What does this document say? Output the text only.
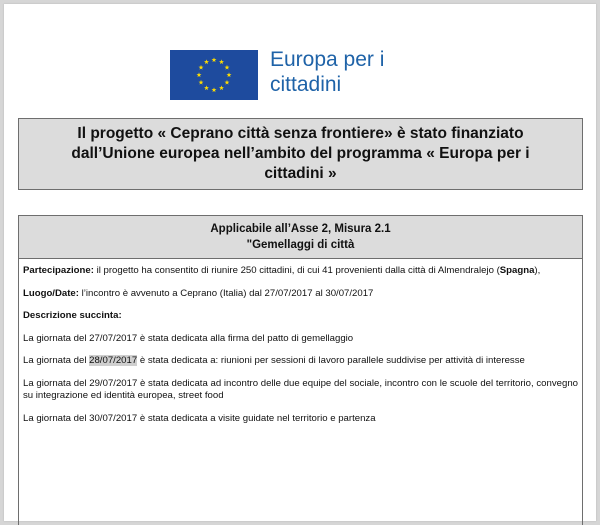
Europa per i
cittadini

Il progetto « Ceprano città senza frontiere» è stato finanziato dall’Unione europea nell’ambito del programma « Europa per i cittadini »

Applicabile all’Asse 2, Misura 2.1
"Gemellaggi di città

Partecipazione: il progetto ha consentito di riunire 250 cittadini, di cui 41 provenienti dalla città di Almendralejo (Spagna),

Luogo/Date: l’incontro è avvenuto a Ceprano (Italia) dal 27/07/2017 al 30/07/2017

Descrizione succinta:

La giornata del 27/07/2017 è stata dedicata alla firma del patto di gemellaggio

La giornata del 28/07/2017 è stata dedicata a: riunioni per sessioni di lavoro parallele suddivise per attività di interesse

La giornata del 29/07/2017 è stata dedicata ad incontro delle due equipe del sociale, incontro con le scuole del territorio, convegno su integrazione ed identità europea, street food

La giornata del 30/07/2017 è stata dedicata a visite guidate nel territorio e partenza
